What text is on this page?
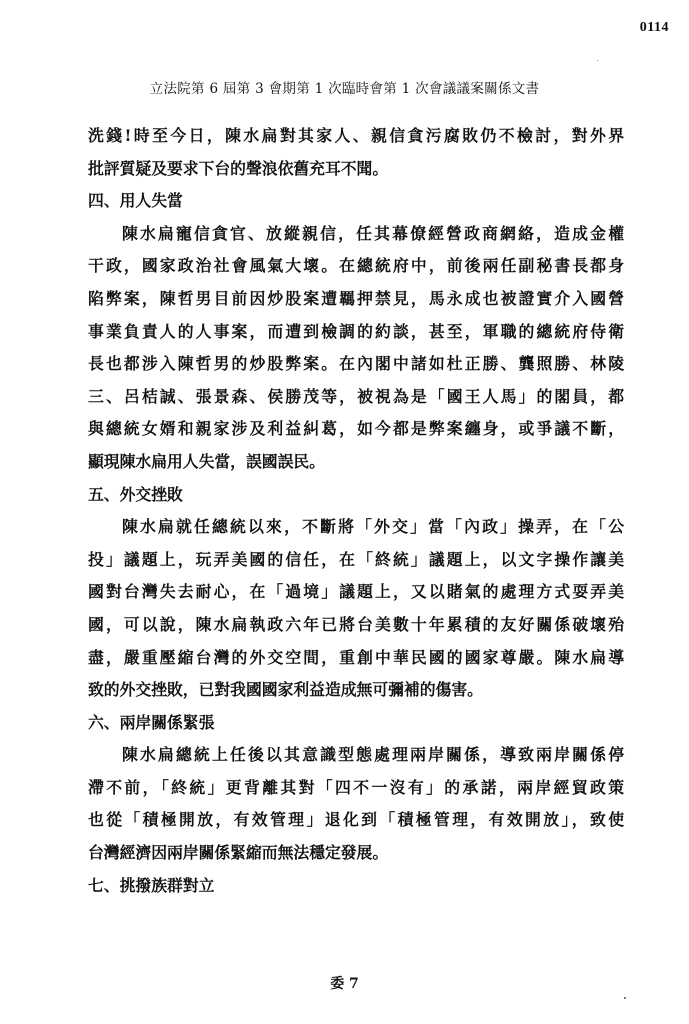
0114
立法院第 6 屆第 3 會期第 1 次臨時會第 1 次會議議案關係文書
洗錢!時至今日，陳水扁對其家人、親信貪污腐敗仍不檢討，對外界
批評質疑及要求下台的聲浪依舊充耳不聞。
四、用人失當
陳水扁寵信貪官、放縱親信，任其幕僚經營政商網絡，造成金權
干政，國家政治社會風氣大壞。在總統府中，前後兩任副秘書長都身
陷弊案，陳哲男目前因炒股案遭羈押禁見，馬永成也被證實介入國營
事業負責人的人事案，而遭到檢調的約談，甚至，軍職的總統府侍衛
長也都涉入陳哲男的炒股弊案。在內閣中諸如杜正勝、龔照勝、林陵
三、呂桔誠、張景森、侯勝茂等，被視為是「國王人馬」的閣員，都
與總統女婿和親家涉及利益糾葛，如今都是弊案纏身，或爭議不斷，
顯現陳水扁用人失當，誤國誤民。
五、外交挫敗
陳水扁就任總統以來，不斷將「外交」當「內政」操弄，在「公
投」議題上，玩弄美國的信任，在「終統」議題上，以文字操作讓美
國對台灣失去耐心，在「過境」議題上，又以賭氣的處理方式耍弄美
國，可以說，陳水扁執政六年已將台美數十年累積的友好關係破壞殆
盡，嚴重壓縮台灣的外交空間，重創中華民國的國家尊嚴。陳水扁導
致的外交挫敗，已對我國國家利益造成無可彌補的傷害。
六、兩岸關係緊張
陳水扁總統上任後以其意識型態處理兩岸關係，導致兩岸關係停
滯不前，「終統」更背離其對「四不一沒有」的承諾，兩岸經貿政策
也從「積極開放，有效管理」退化到「積極管理，有效開放」，致使
台灣經濟因兩岸關係緊縮而無法穩定發展。
七、挑撥族群對立
委 7
